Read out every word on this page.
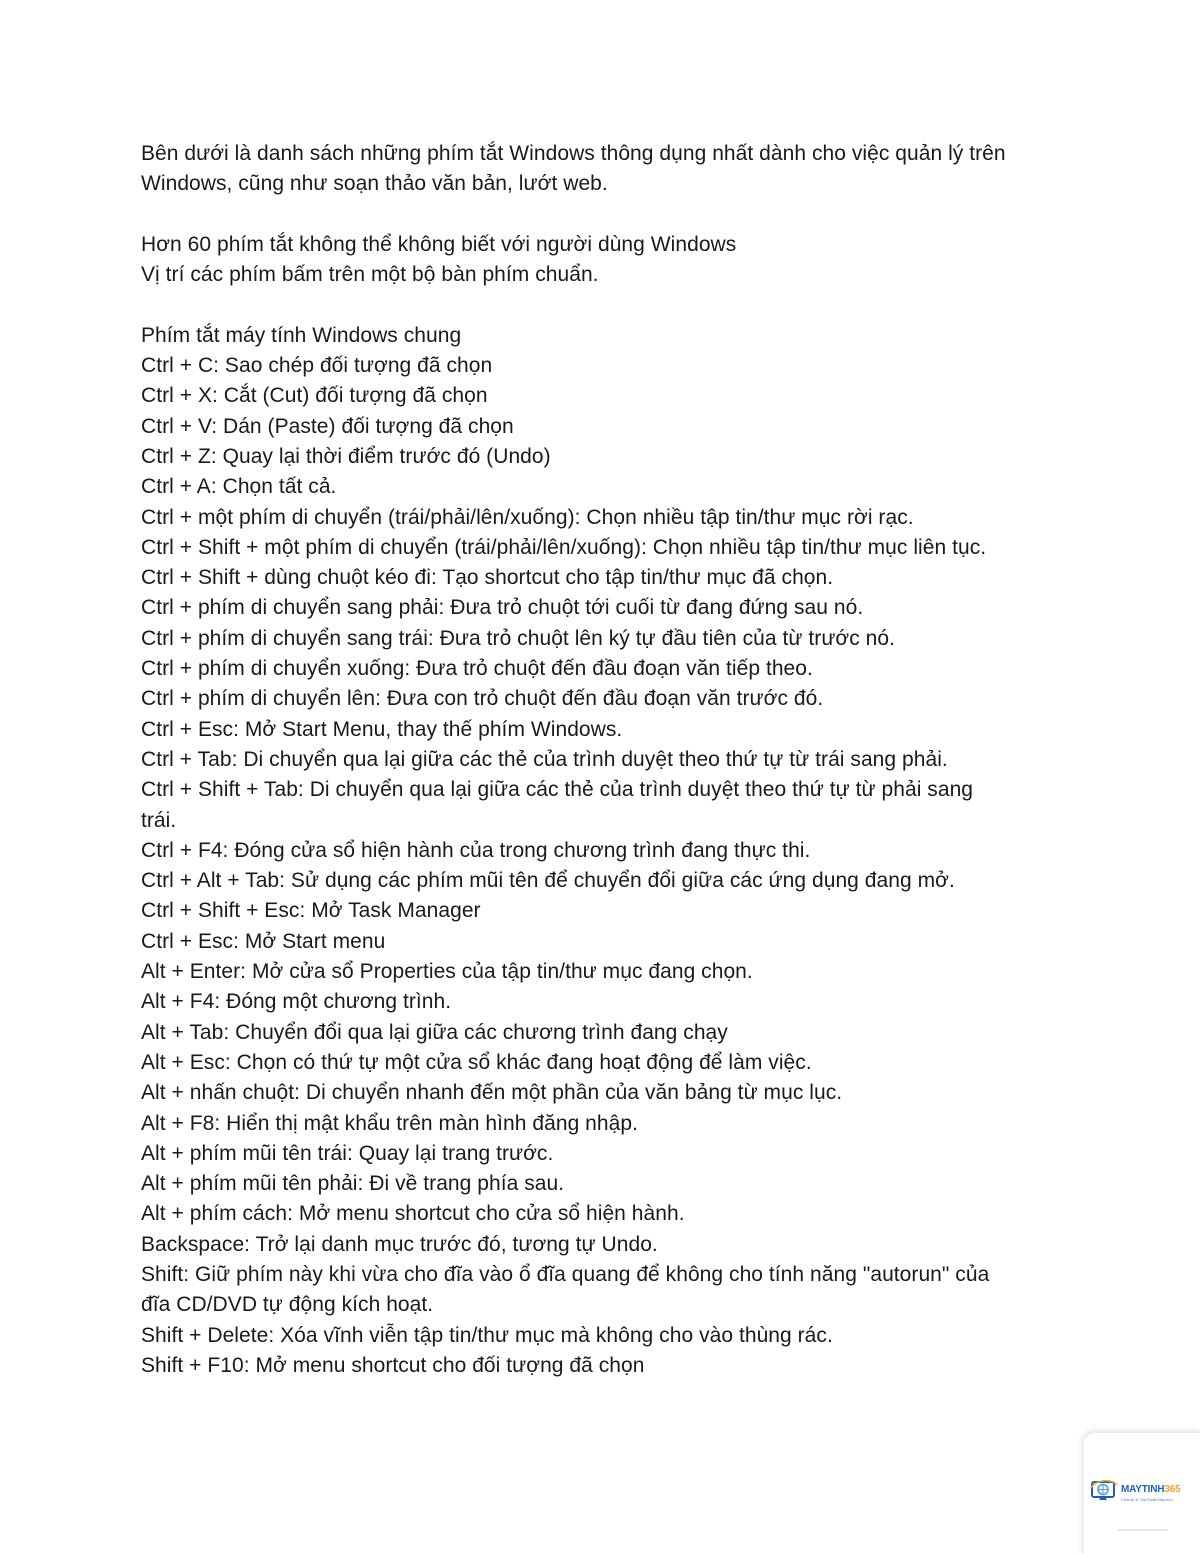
Bên dưới là danh sách những phím tắt Windows thông dụng nhất dành cho việc quản lý trên

Windows, cũng như soạn thảo văn bản, lướt web.

Hơn 60 phím tắt không thể không biết với người dùng Windows

Vị trí các phím bấm trên một bộ bàn phím chuẩn.

Phím tắt máy tính Windows chung

Ctrl + C: Sao chép đối tượng đã chọn

Ctrl + X: Cắt (Cut) đối tượng đã chọn

Ctrl + V: Dán (Paste) đối tượng đã chọn

Ctrl + Z: Quay lại thời điểm trước đó (Undo)

Ctrl + A: Chọn tất cả.

Ctrl + một phím di chuyển (trái/phải/lên/xuống): Chọn nhiều tập tin/thư mục rời rạc.

Ctrl + Shift + một phím di chuyển (trái/phải/lên/xuống): Chọn nhiều tập tin/thư mục liên tục.

Ctrl + Shift + dùng chuột kéo đi: Tạo shortcut cho tập tin/thư mục đã chọn.

Ctrl + phím di chuyển sang phải: Đưa trỏ chuột tới cuối từ đang đứng sau nó.

Ctrl + phím di chuyển sang trái: Đưa trỏ chuột lên ký tự đầu tiên của từ trước nó.

Ctrl + phím di chuyển xuống: Đưa trỏ chuột đến đầu đoạn văn tiếp theo.

Ctrl + phím di chuyển lên: Đưa con trỏ chuột đến đầu đoạn văn trước đó.

Ctrl + Esc: Mở Start Menu, thay thế phím Windows.

Ctrl + Tab: Di chuyển qua lại giữa các thẻ của trình duyệt theo thứ tự từ trái sang phải.

Ctrl + Shift + Tab: Di chuyển qua lại giữa các thẻ của trình duyệt theo thứ tự từ phải sang

trái.

Ctrl + F4: Đóng cửa sổ hiện hành của trong chương trình đang thực thi.

Ctrl + Alt + Tab: Sử dụng các phím mũi tên để chuyển đổi giữa các ứng dụng đang mở.

Ctrl + Shift + Esc: Mở Task Manager

Ctrl + Esc: Mở Start menu

Alt + Enter: Mở cửa sổ Properties của tập tin/thư mục đang chọn.

Alt + F4: Đóng một chương trình.

Alt + Tab: Chuyển đổi qua lại giữa các chương trình đang chạy

Alt + Esc: Chọn có thứ tự một cửa sổ khác đang hoạt động để làm việc.

Alt + nhấn chuột: Di chuyển nhanh đến một phần của văn bảng từ mục lục.

Alt + F8: Hiển thị mật khẩu trên màn hình đăng nhập.

Alt + phím mũi tên trái: Quay lại trang trước.

Alt + phím mũi tên phải: Đi về trang phía sau.

Alt + phím cách: Mở menu shortcut cho cửa sổ hiện hành.

Backspace: Trở lại danh mục trước đó, tương tự Undo.

Shift: Giữ phím này khi vừa cho đĩa vào ổ đĩa quang để không cho tính năng "autorun" của

đĩa CD/DVD tự động kích hoạt.

Shift + Delete: Xóa vĩnh viễn tập tin/thư mục mà không cho vào thùng rác.

Shift + F10: Mở menu shortcut cho đối tượng đã chọn

MAYTINH365
Chia sẻ & Thủ thuật Máy tính
